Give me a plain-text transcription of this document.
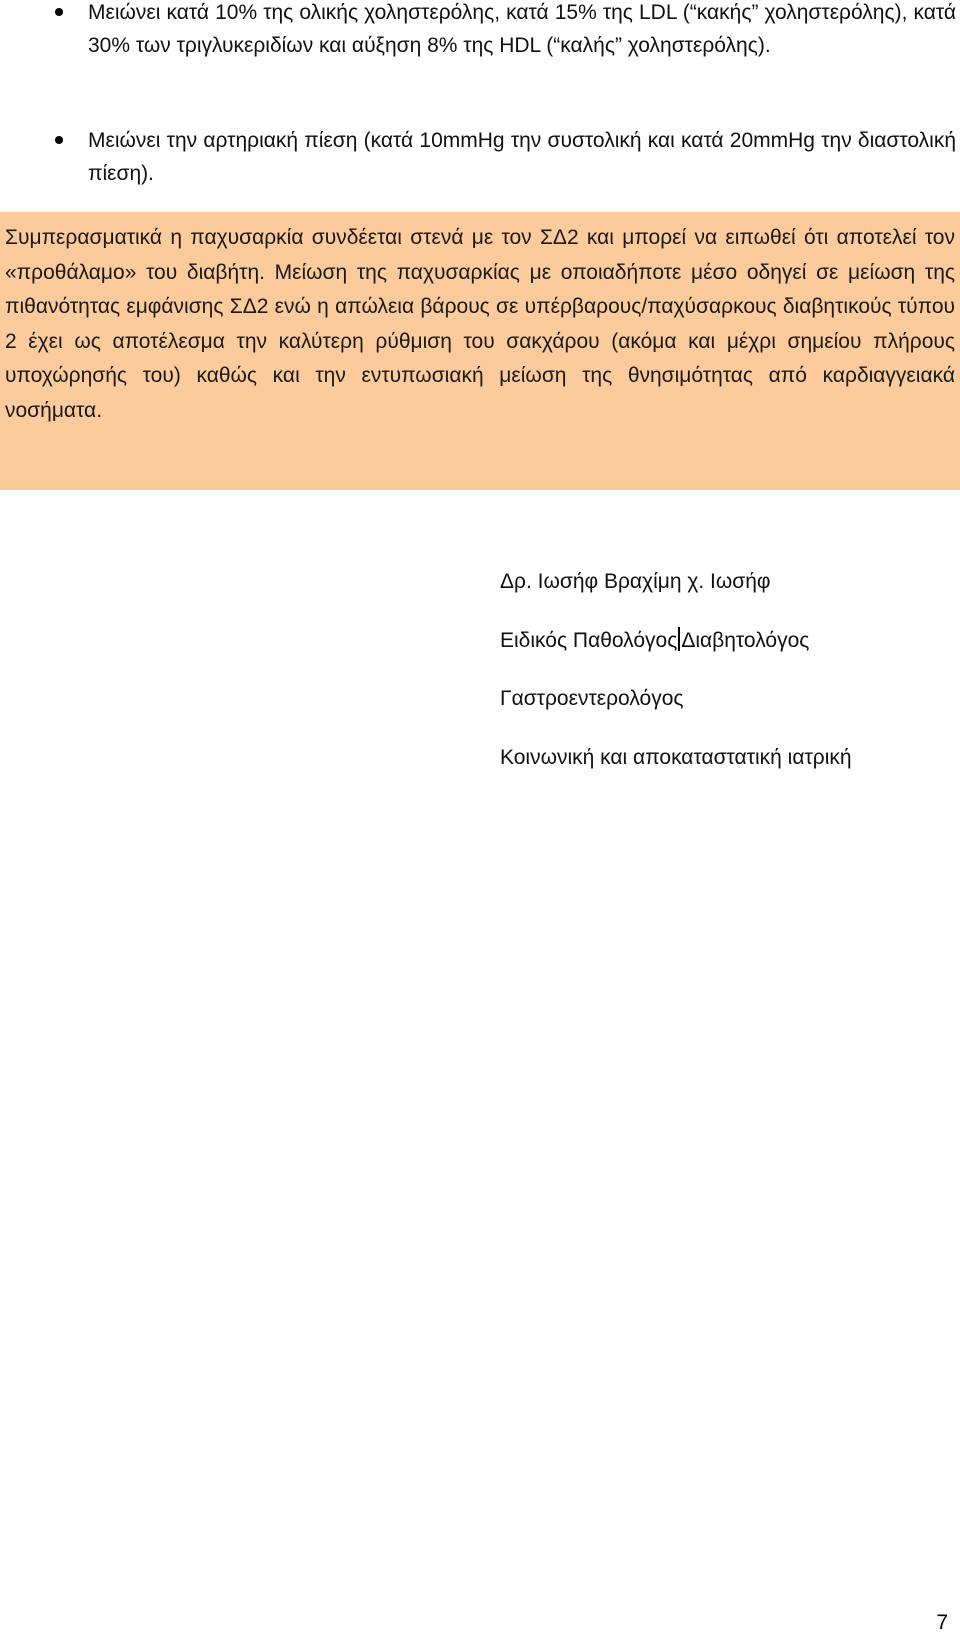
Μειώνει κατά 10% της ολικής χοληστερόλης, κατά 15% της LDL (“κακής” χοληστερόλης), κατά 30% των τριγλυκεριδίων και αύξηση 8% της HDL (“καλής” χοληστερόλης).
Μειώνει την αρτηριακή πίεση (κατά 10mmHg την συστολική και κατά 20mmHg την διαστολική πίεση).
Συμπερασματικά η παχυσαρκία συνδέεται στενά με τον ΣΔ2 και μπορεί να ειπωθεί ότι αποτελεί τον «προθάλαμο» του διαβήτη. Μείωση της παχυσαρκίας με οποιαδήποτε μέσο οδηγεί σε μείωση της πιθανότητας εμφάνισης ΣΔ2 ενώ η απώλεια βάρους σε υπέρβαρους/παχύσαρκους διαβητικούς τύπου 2 έχει ως αποτέλεσμα την καλύτερη ρύθμιση του σακχάρου (ακόμα και μέχρι σημείου πλήρους υποχώρησής του) καθώς και την εντυπωσιακή μείωση της θνησιμότητας από καρδιαγγειακά νοσήματα.
Δρ. Ιωσήφ Βραχίμη χ. Ιωσήφ
Ειδικός Παθολόγος Διαβητολόγος
Γαστροεντερολόγος
Κοινωνική και αποκαταστατική ιατρική
7
